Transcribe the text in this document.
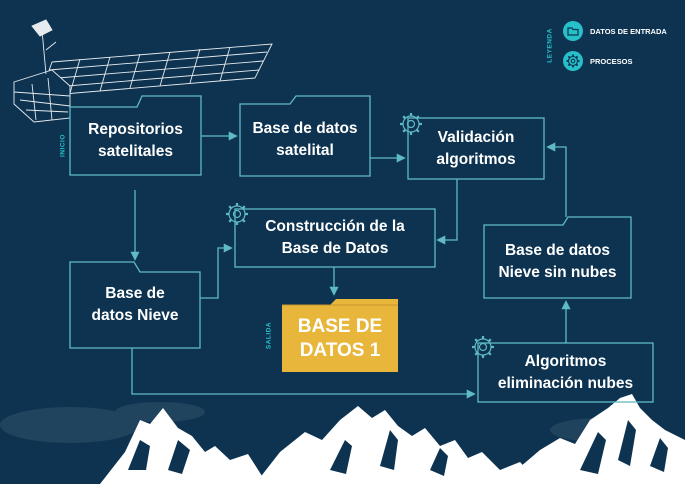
Repositorios
satelitales
Base de datos
satelital
Validación
algoritmos
Construcción de la
Base de Datos
Base de
datos Nieve
Base de datos
Nieve sin nubes
Algoritmos
eliminación nubes
BASE DE
DATOS 1
INICIO
SALIDA
LEYENDA	DATOS DE ENTRADA
PROCESOS
